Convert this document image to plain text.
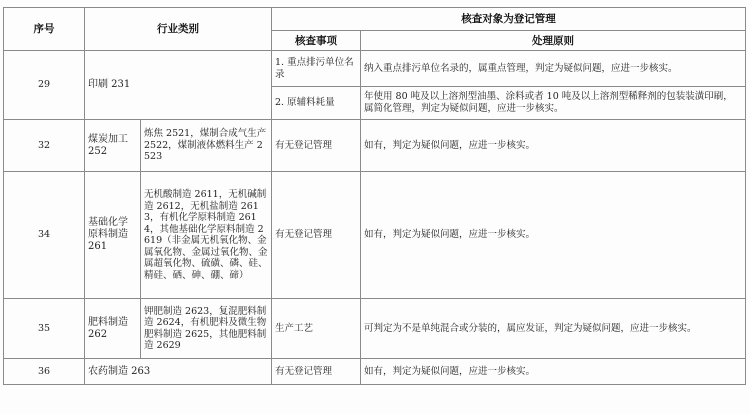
序号	行业类别		核查对象为登记管理	
			核查事项	处理原则
29	印刷 231		1. 重点排污单位名录	纳入重点排污单位名录的，属重点管理，判定为疑似问题，应进一步核实。
			2. 原辅料耗量	年使用 80 吨及以上溶剂型油墨、涂料或者 10 吨及以上溶剂型稀释剂的包装装潢印刷，属简化管理，判定为疑似问题，应进一步核实。
32	煤炭加工 252	炼焦 2521，煤制合成气生产 2522，煤制液体燃料生产 2523	有无登记管理	如有，判定为疑似问题，应进一步核实。
34	基础化学原料制造 261	无机酸制造 2611，无机碱制造 2612，无机盐制造 2613，有机化学原料制造 2614，其他基础化学原料制造 2619（非金属无机氧化物、金属氧化物、金属过氧化物、金属超氧化物、硫磺、磷、硅、精硅、硒、砷、硼、碲）	有无登记管理	如有，判定为疑似问题，应进一步核实。
35	肥料制造 262	钾肥制造 2623，复混肥料制造 2624，有机肥料及微生物肥料制造 2625，其他肥料制造 2629	生产工艺	可判定为不是单纯混合或分装的，属应发证，判定为疑似问题，应进一步核实。
36	农药制造 263		有无登记管理	如有，判定为疑似问题，应进一步核实。
